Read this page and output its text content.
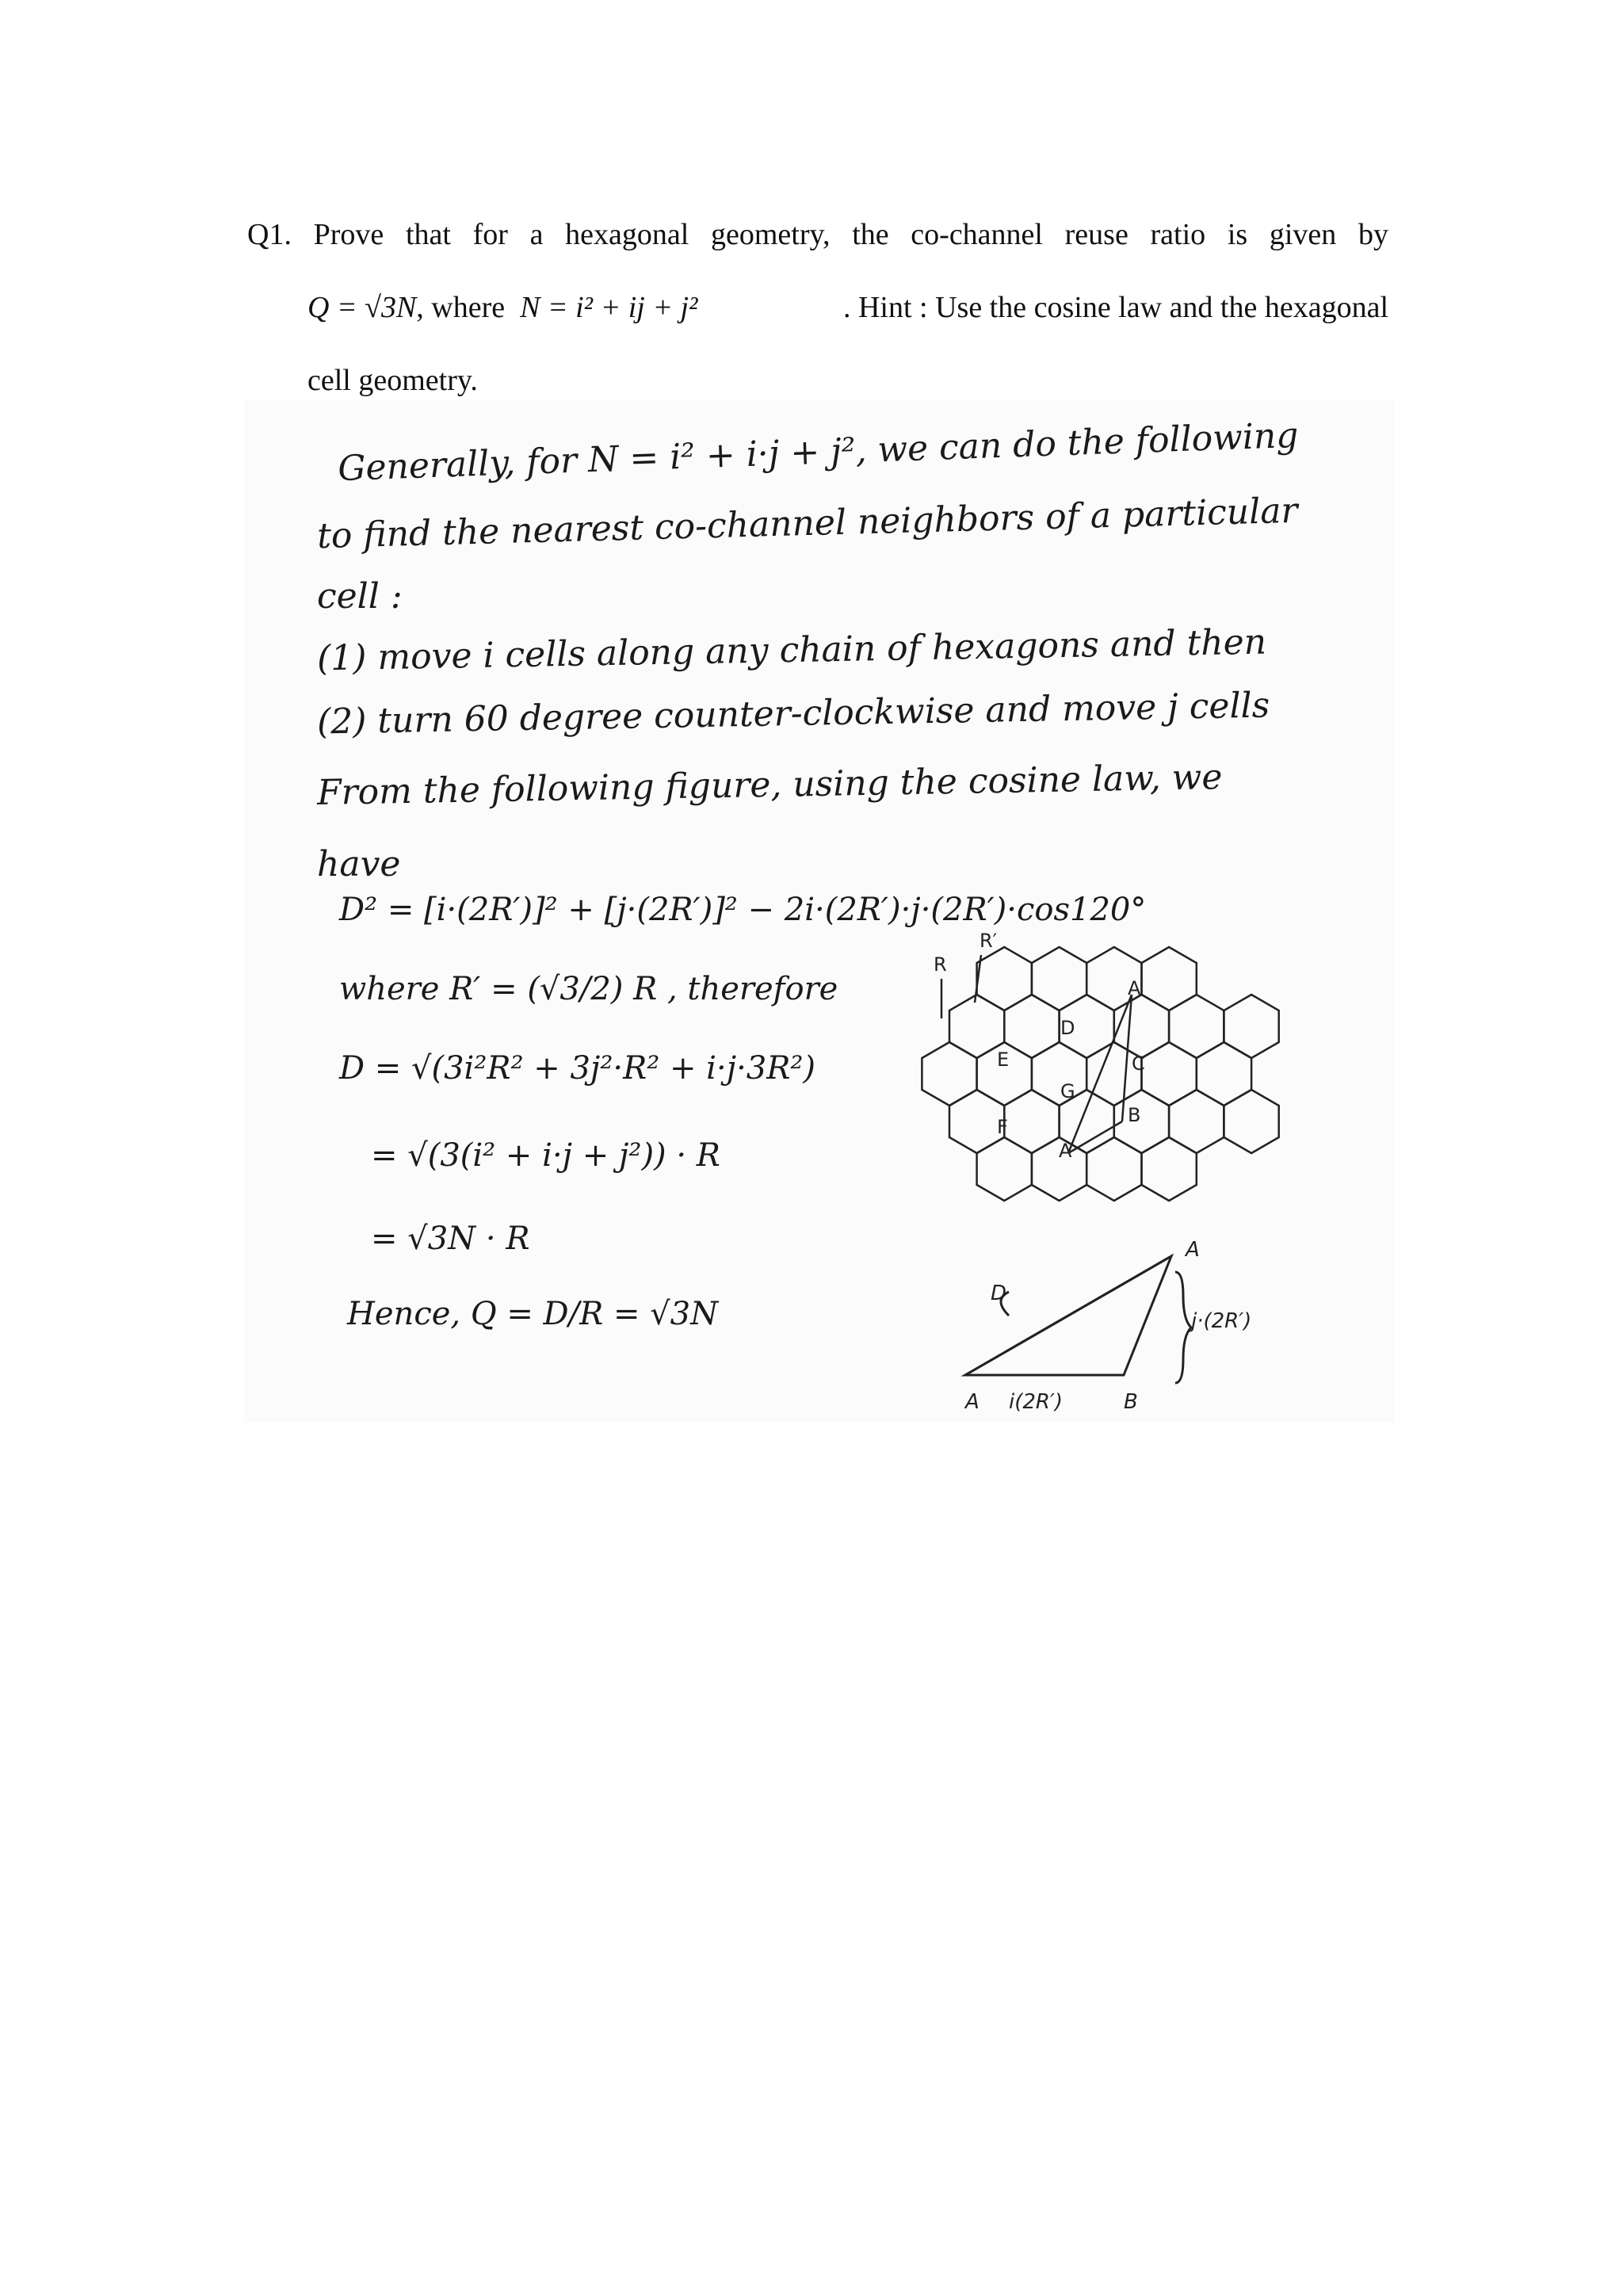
Q1. Prove that for a hexagonal geometry, the co-channel reuse ratio is given by
Q = √3N, where N = i² + ij + j²	. Hint : Use the cosine law and the hexagonal
cell geometry.
Generally, for N = i² + i·j + j², we can do the following
to find the nearest co-channel neighbors of a particular
cell :
(1) move i cells along any chain of hexagons and then
(2) turn 60 degree counter-clockwise and move j cells
From the following figure, using the cosine law, we
have
D² = [i·(2R′)]² + [j·(2R′)]² − 2i·(2R′)·j·(2R′)·cos120°
where R′ = (√3/2) R , therefore
D = √(3i²R² + 3j²·R² + i·j·3R²)
= √(3(i² + i·j + j²)) · R
= √3N · R
Hence, Q = D/R = √3N
D
A
E
G
C
F
B
A
R
R′
A
j·(2R′)
A i(2R′)	B
D
